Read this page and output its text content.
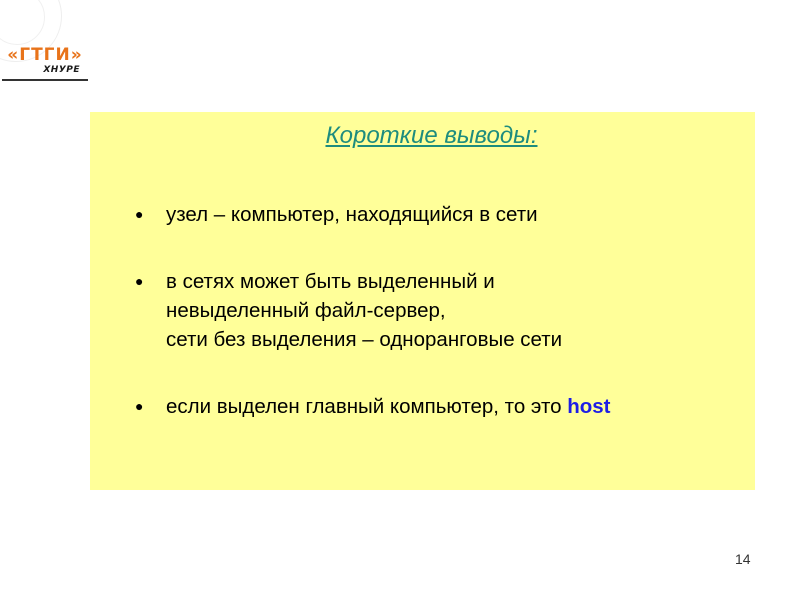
«ГТГИ»
ХНУРЕ
Короткие выводы:
● узел – компьютер, находящийся в сети
● в сетях может быть выделенный и
невыделенный файл-сервер,
сети без выделения – одноранговые сети
● если выделен главный компьютер, то это host
14
